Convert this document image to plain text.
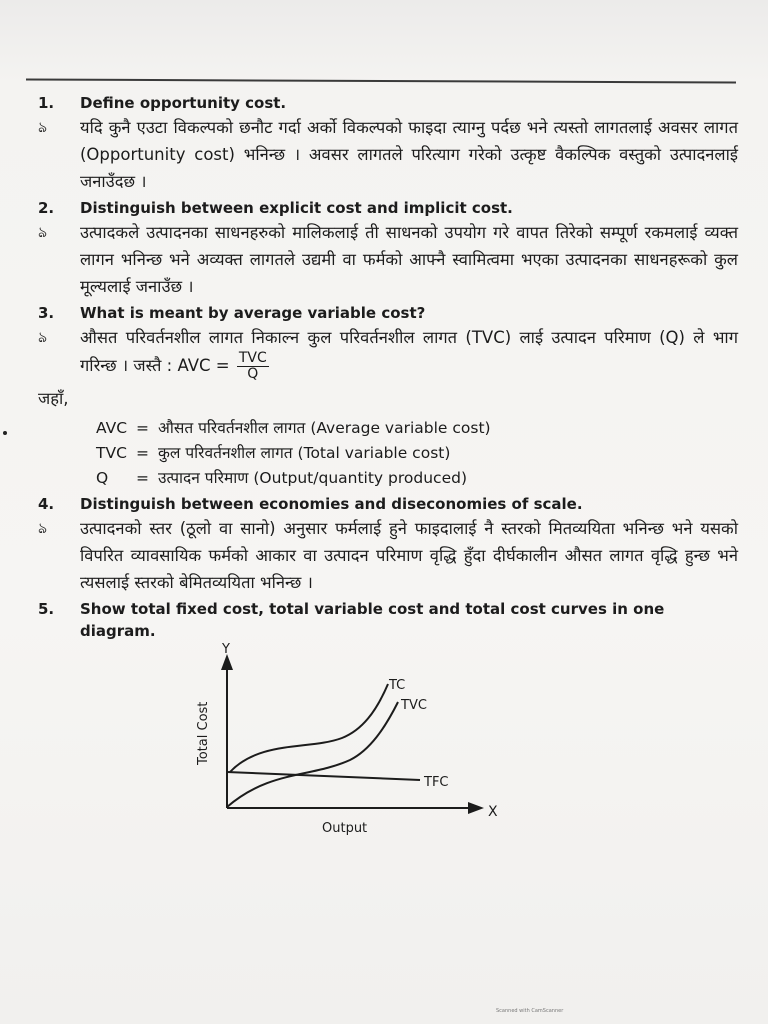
1.	Define opportunity cost.
ঌ	यदि कुनै एउटा विकल्पको छनौट गर्दा अर्को विकल्पको फाइदा त्याग्नु पर्दछ भने त्यस्तो लागतलाई अवसर लागत (Opportunity cost) भनिन्छ । अवसर लागतले परित्याग गरेको उत्कृष्ट वैकल्पिक वस्तुको उत्पादनलाई जनाउँदछ ।
2.	Distinguish between explicit cost and implicit cost.
ঌ	उत्पादकले उत्पादनका साधनहरुको मालिकलाई ती साधनको उपयोग गरे वापत तिरेको सम्पूर्ण रकमलाई व्यक्त लागन भनिन्छ भने अव्यक्त लागतले उद्यमी वा फर्मको आफ्नै स्वामित्वमा भएका उत्पादनका साधनहरूको कुल मूल्यलाई जनाउँछ ।
3.	What is meant by average variable cost?
ঌ	औसत परिवर्तनशील लागत निकाल्न कुल परिवर्तनशील लागत (TVC) लाई उत्पादन परिमाण (Q) ले भाग गरिन्छ । जस्तै : AVC = $\frac{\text{TVC}}{Q}$
जहाँ,
AVC = औसत परिवर्तनशील लागत (Average variable cost)
TVC = कुल परिवर्तनशील लागत (Total variable cost)
Q	= उत्पादन परिमाण (Output/quantity produced)
4.	Distinguish between economies and diseconomies of scale.
ঌ	उत्पादनको स्तर (ठूलो वा सानो) अनुसार फर्मलाई हुने फाइदालाई नै स्तरको मितव्ययिता भनिन्छ भने यसको विपरित व्यावसायिक फर्मको आकार वा उत्पादन परिमाण वृद्धि हुँदा दीर्घकालीन औसत लागत वृद्धि हुन्छ भने त्यसलाई स्तरको बेमितव्ययिता भनिन्छ ।
5.	Show total fixed cost, total variable cost and total cost curves in one diagram.
Y
X
Total Cost
Output
TC
TVC
TFC
Scanned with CamScanner
